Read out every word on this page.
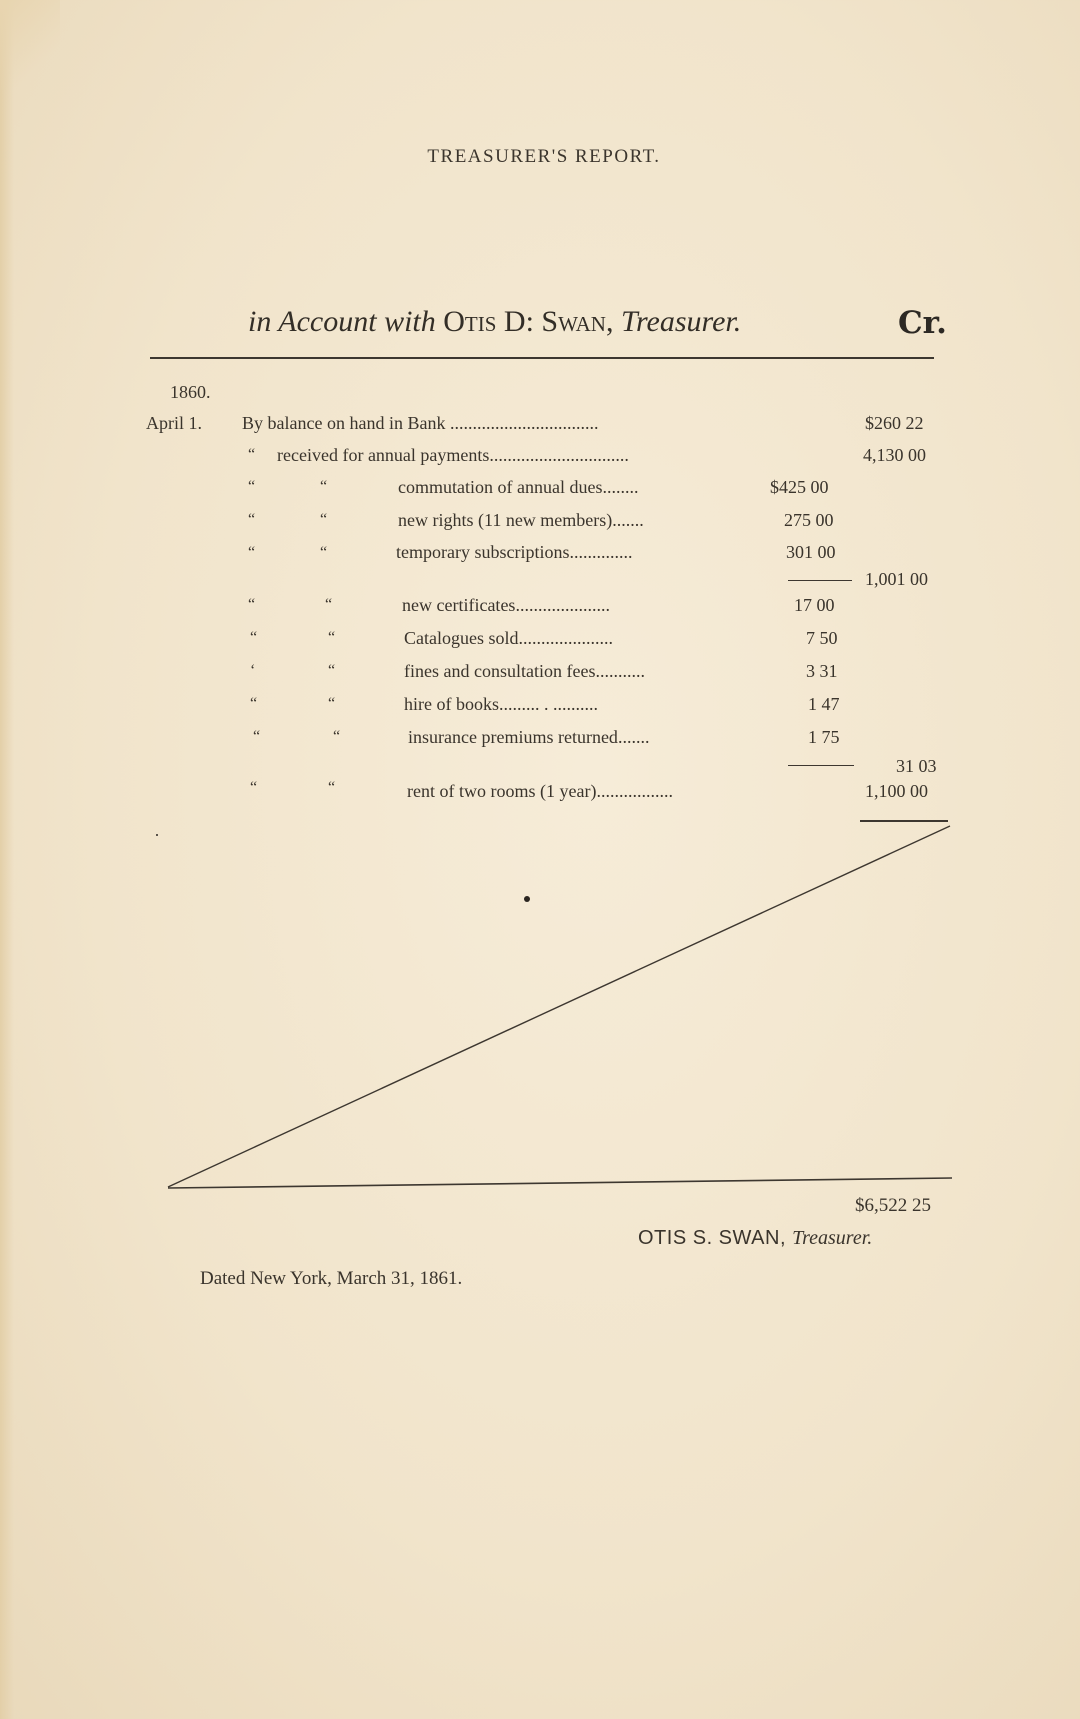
TREASURER'S REPORT.
in Account with Otis D: Swan, Treasurer.	Cr.
1860.
April 1. By balance on hand in Bank .................................	$260 22
“ received for annual payments...............................	4,130 00
“	“	commutation of annual dues........	$425 00
“	“	new rights (11 new members).......	275 00
“	“	temporary subscriptions..............	301 00
1,001 00
“	“	new certificates.....................	17 00
“	“	Catalogues sold.....................	7 50
‘	“	fines and consultation fees...........	3 31
“	“	hire of books......... . ..........	1 47
“	“	insurance premiums returned.......	1 75
31 03
“	“	rent of two rooms (1 year).................	1,100 00
$6,522 25
OTIS S. SWAN, Treasurer.
Dated New York, March 31, 1861.
